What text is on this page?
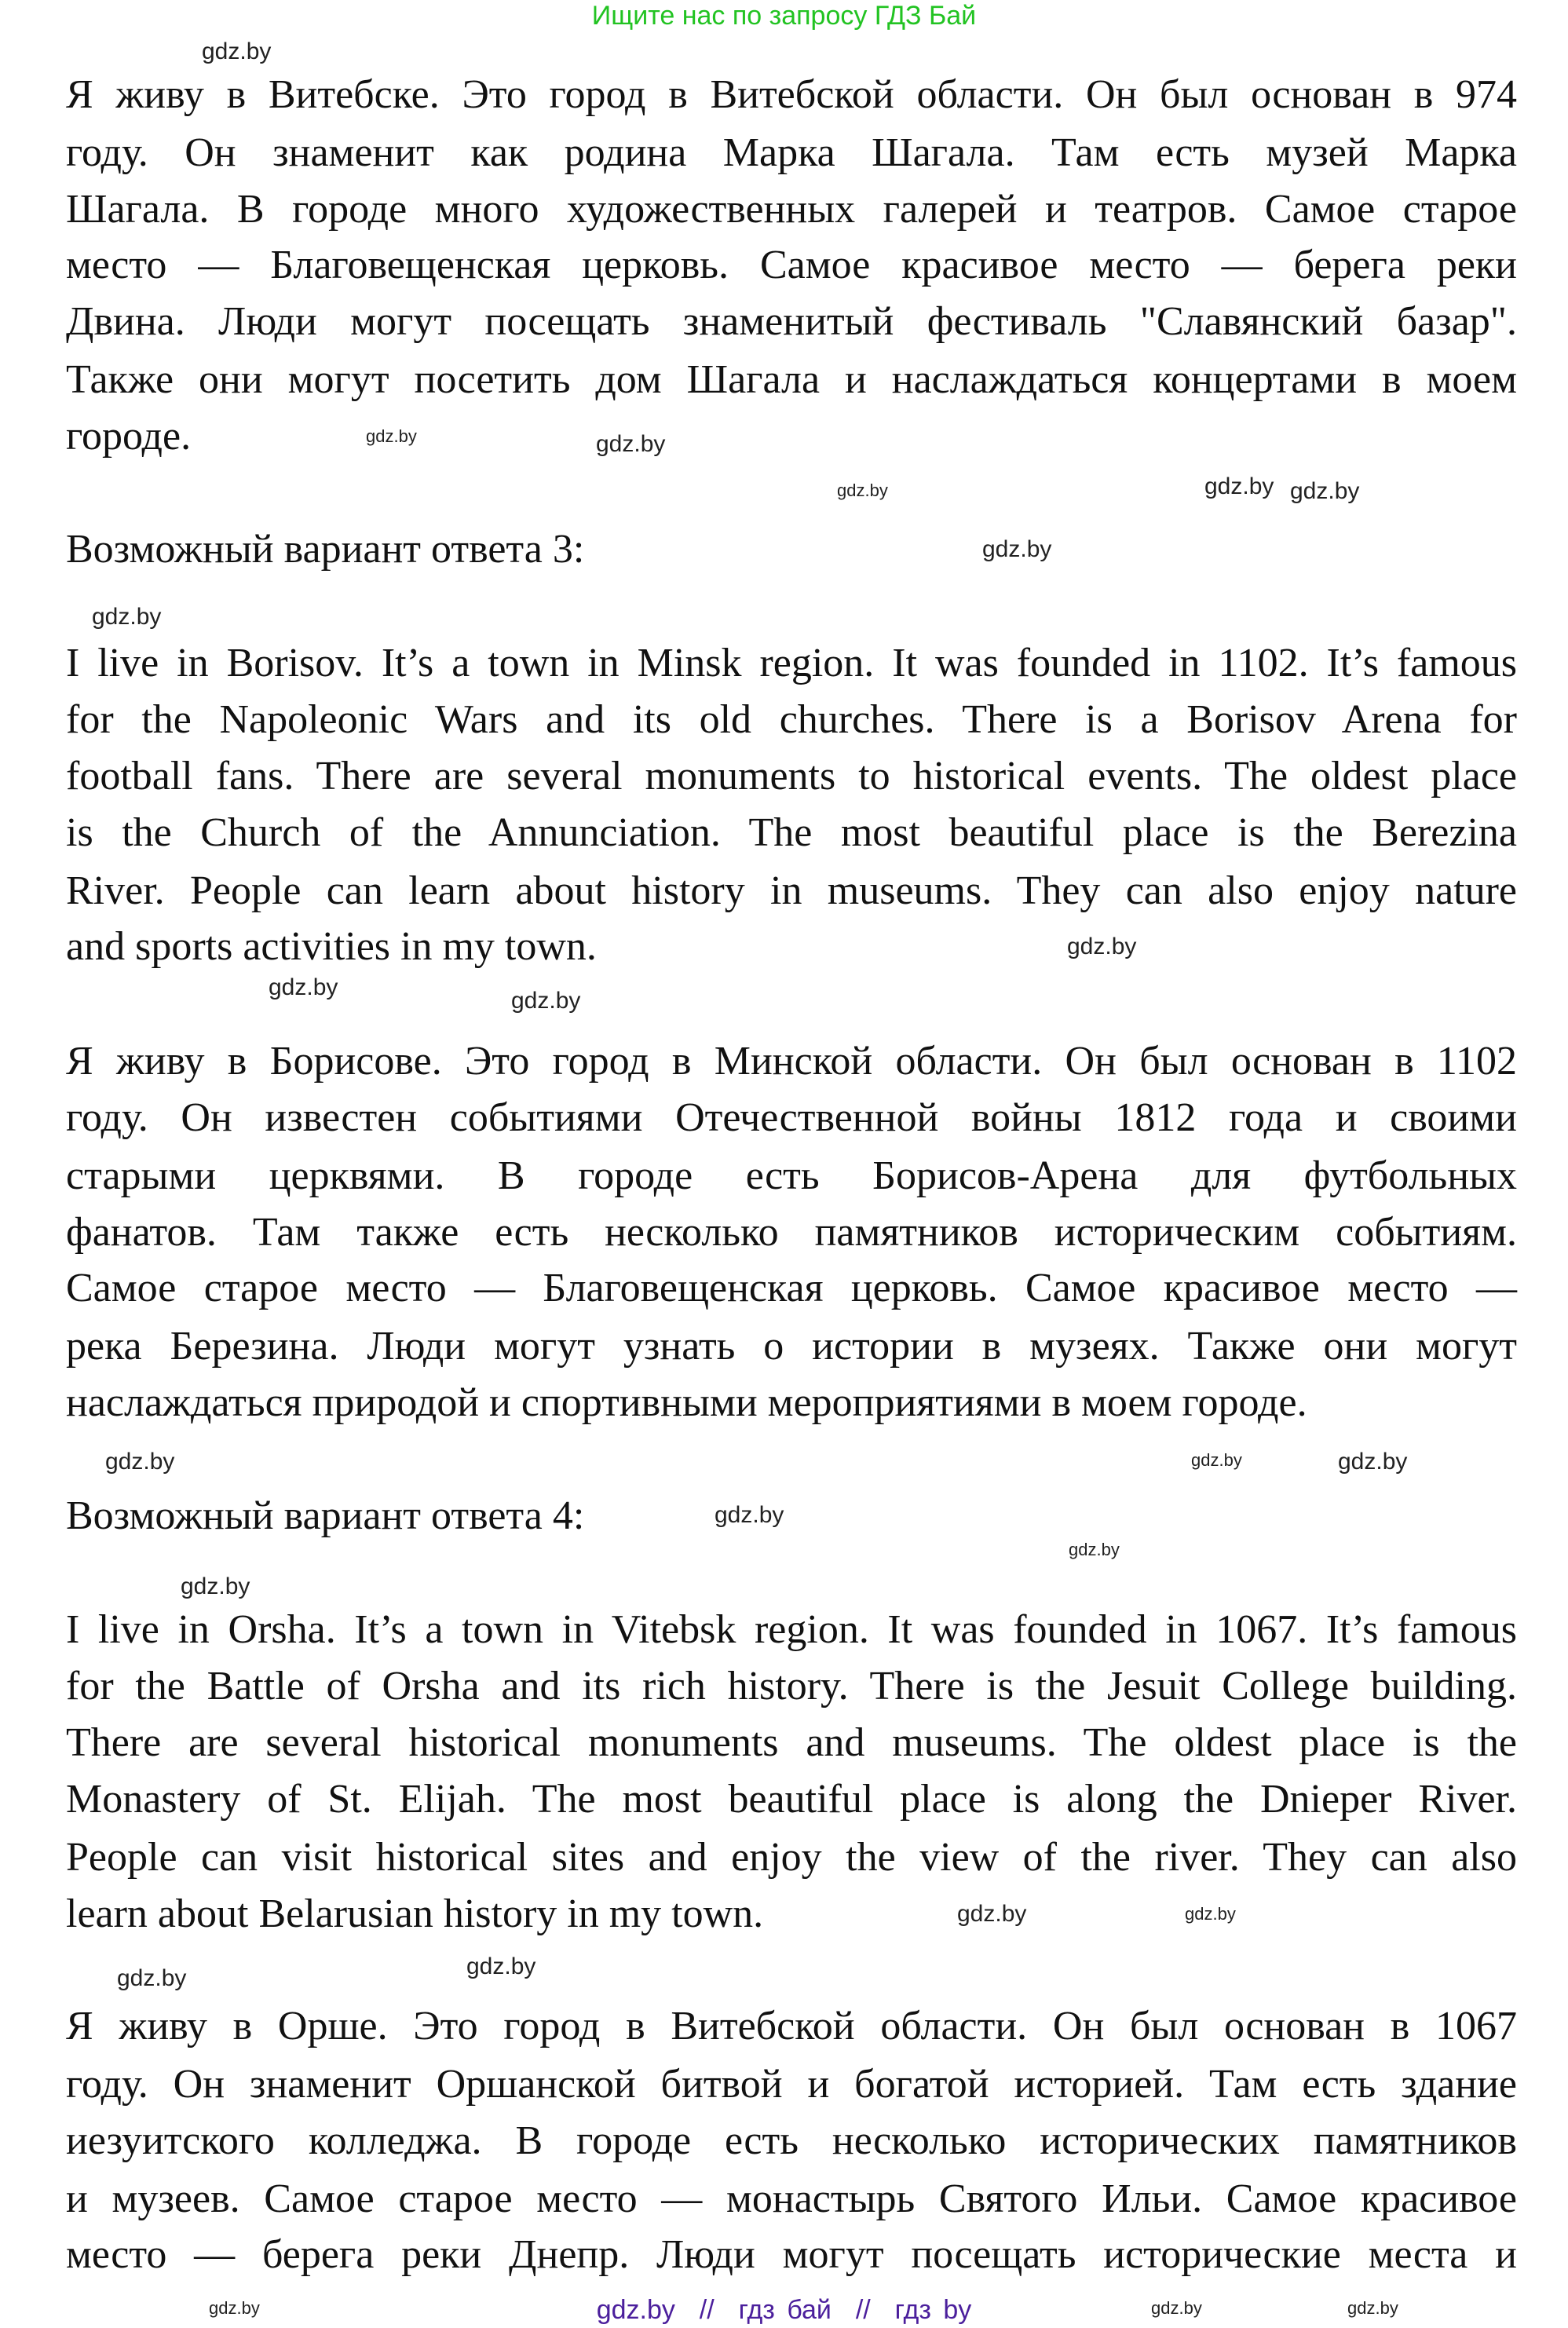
Ищите нас по запросу ГДЗ Бай
Я живу в Витебске. Это город в Витебской области. Он был основан в 974
году. Он знаменит как родина Марка Шагала. Там есть музей Марка
Шагала. В городе много художественных галерей и театров. Самое старое
место — Благовещенская церковь. Самое красивое место — берега реки
Двина. Люди могут посещать знаменитый фестиваль "Славянский базар".
Также они могут посетить дом Шагала и наслаждаться концертами в моем
городе.
I live in Borisov. It’s a town in Minsk region. It was founded in 1102. It’s famous
for the Napoleonic Wars and its old churches. There is a Borisov Arena for
football fans. There are several monuments to historical events. The oldest place
is the Church of the Annunciation. The most beautiful place is the Berezina
River. People can learn about history in museums. They can also enjoy nature
and sports activities in my town.
Я живу в Борисове. Это город в Минской области. Он был основан в 1102
году. Он известен событиями Отечественной войны 1812 года и своими
старыми церквями. В городе есть Борисов-Арена для футбольных
фанатов. Там также есть несколько памятников историческим событиям.
Самое старое место — Благовещенская церковь. Самое красивое место —
река Березина. Люди могут узнать о истории в музеях. Также они могут
наслаждаться природой и спортивными мероприятиями в моем городе.
I live in Orsha. It’s a town in Vitebsk region. It was founded in 1067. It’s famous
for the Battle of Orsha and its rich history. There is the Jesuit College building.
There are several historical monuments and museums. The oldest place is the
Monastery of St. Elijah. The most beautiful place is along the Dnieper River.
People can visit historical sites and enjoy the view of the river. They can also
learn about Belarusian history in my town.
Я живу в Орше. Это город в Витебской области. Он был основан в 1067
году. Он знаменит Оршанской битвой и богатой историей. Там есть здание
иезуитского колледжа. В городе есть несколько исторических памятников
и музеев. Самое старое место — монастырь Святого Ильи. Самое красивое
место — берега реки Днепр. Люди могут посещать исторические места и
gdz.by
gdz.by
gdz.by
gdz.by
gdz.by
gdz.by
gdz.by
gdz.by
gdz.by
gdz.by
gdz.by
gdz.by	gdz.by
gdz.by
gdz.by
gdz.by
gdz.by
gdz.by
gdz.by
gdz.by
gdz.by
gdz.by	gdz.by	gdz.by
Возможный вариант ответа 3:
Возможный вариант ответа 4:
gdz.by  //  гдз бай  //  гдз by
